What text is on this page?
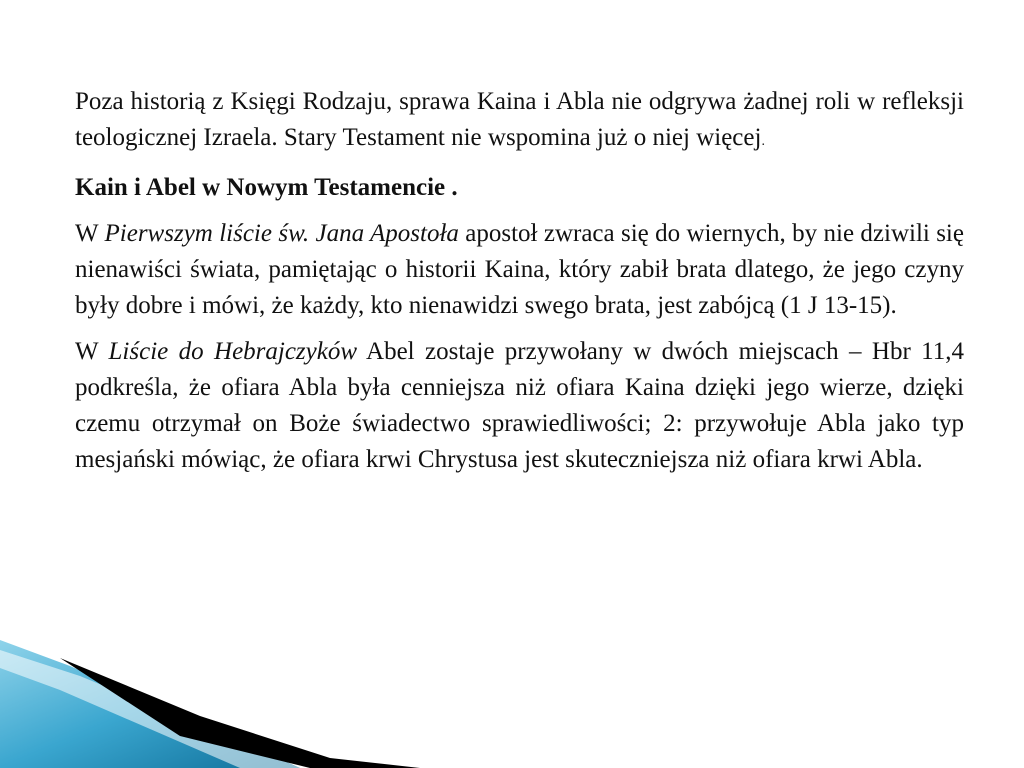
Poza historią z Księgi Rodzaju, sprawa Kaina i Abla nie odgrywa żadnej roli w refleksji teologicznej Izraela. Stary Testament nie wspomina już o niej więcej.

Kain i Abel w Nowym Testamencie .

W Pierwszym liście św. Jana Apostoła apostoł zwraca się do wiernych, by nie dziwili się nienawiści świata, pamiętając o historii Kaina, który zabił brata dlatego, że jego czyny były dobre i mówi, że każdy, kto nienawidzi swego brata, jest zabójcą (1 J 13-15).

W Liście do Hebrajczyków Abel zostaje przywołany w dwóch miejscach – Hbr 11,4 podkreśla, że ofiara Abla była cenniejsza niż ofiara Kaina dzięki jego wierze, dzięki czemu otrzymał on Boże świadectwo sprawiedliwości; 2: przywołuje Abla jako typ mesjański mówiąc, że ofiara krwi Chrystusa jest skuteczniejsza niż ofiara krwi Abla.
